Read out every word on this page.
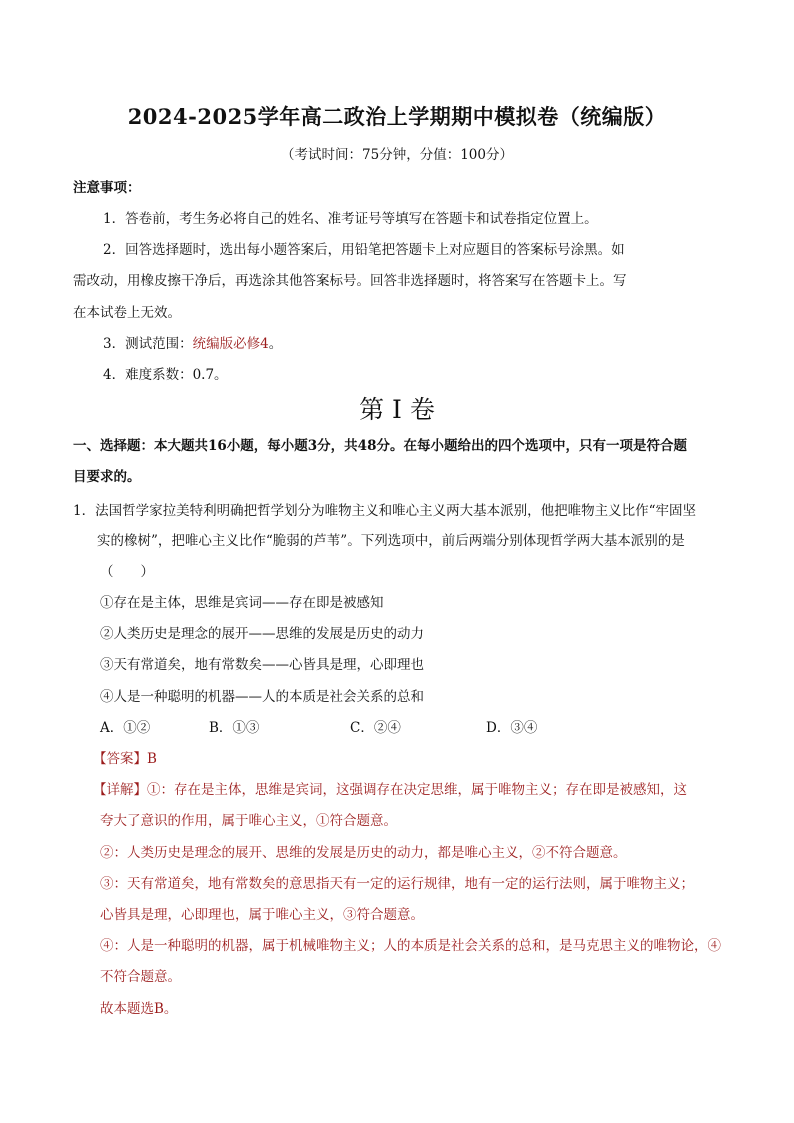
2024-2025学年高二政治上学期期中模拟卷（统编版）
（考试时间：75分钟，分值：100分）
注意事项：
1．答卷前，考生务必将自己的姓名、准考证号等填写在答题卡和试卷指定位置上。
2．回答选择题时，选出每小题答案后，用铅笔把答题卡上对应题目的答案标号涂黑。如
需改动，用橡皮擦干净后，再选涂其他答案标号。回答非选择题时，将答案写在答题卡上。写
在本试卷上无效。
3．测试范围：统编版必修4。
4．难度系数：0.7。
第 I 卷
一、选择题：本大题共16小题，每小题3分，共48分。在每小题给出的四个选项中，只有一项是符合题
目要求的。
1．法国哲学家拉美特利明确把哲学划分为唯物主义和唯心主义两大基本派别，他把唯物主义比作“牢固坚
实的橡树”，把唯心主义比作“脆弱的芦苇”。下列选项中，前后两端分别体现哲学两大基本派别的是
（　　）
①存在是主体，思维是宾词——存在即是被感知
②人类历史是理念的展开——思维的发展是历史的动力
③天有常道矣，地有常数矣——心皆具是理，心即理也
④人是一种聪明的机器——人的本质是社会关系的总和
A．①②	B．①③	C．②④	D．③④
【答案】B
【详解】①：存在是主体，思维是宾词，这强调存在决定思维，属于唯物主义；存在即是被感知，这
夸大了意识的作用，属于唯心主义，①符合题意。
②：人类历史是理念的展开、思维的发展是历史的动力，都是唯心主义，②不符合题意。
③：天有常道矣，地有常数矣的意思指天有一定的运行规律，地有一定的运行法则，属于唯物主义；
心皆具是理，心即理也，属于唯心主义，③符合题意。
④：人是一种聪明的机器，属于机械唯物主义；人的本质是社会关系的总和，是马克思主义的唯物论，④
不符合题意。
故本题选B。
